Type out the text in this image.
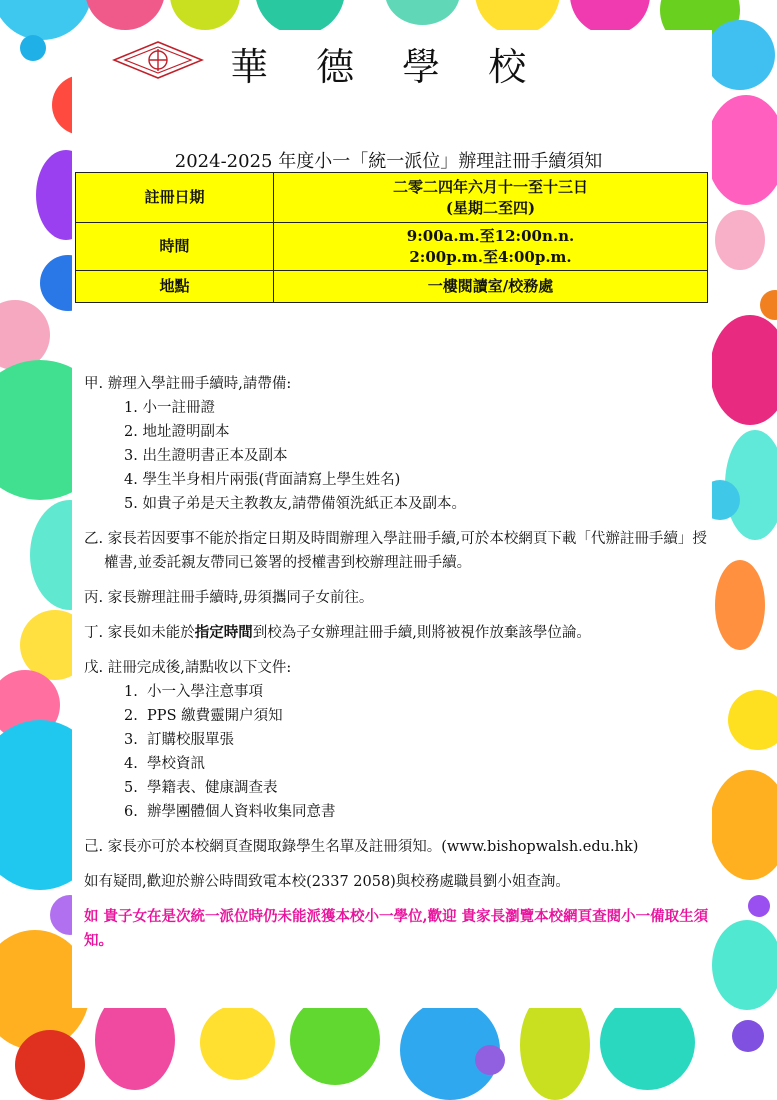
華 德 學 校
2024-2025 年度小一「統一派位」辦理註冊手續須知
註冊日期	二零二四年六月十一至十三日
(星期二至四)

時間	9:00a.m.至12:00n.n.
2:00p.m.至4:00p.m.

地點	一樓閱讀室/校務處

甲. 辦理入學註冊手續時,請帶備:

1. 小一註冊證
2. 地址證明副本
3. 出生證明書正本及副本
4. 學生半身相片兩張(背面請寫上學生姓名)
5. 如貴子弟是天主教教友,請帶備領洗紙正本及副本。

乙. 家長若因要事不能於指定日期及時間辦理入學註冊手續,可於本校網頁下載「代辦註冊手續」授權書,並委託親友帶同已簽署的授權書到校辦理註冊手續。

丙. 家長辦理註冊手續時,毋須攜同子女前往。

丁. 家長如未能於指定時間到校為子女辦理註冊手續,則將被視作放棄該學位論。

戊. 註冊完成後,請點收以下文件:

1.  小一入學注意事項
2.  PPS 繳費靈開户須知
3.  訂購校服單張
4.  學校資訊
5.  學籍表、健康調查表
6.  辦學團體個人資料收集同意書

己. 家長亦可於本校網頁查閱取錄學生名單及註冊須知。(www.bishopwalsh.edu.hk)

如有疑問,歡迎於辦公時間致電本校(2337 2058)與校務處職員劉小姐查詢。

如 貴子女在是次統一派位時仍未能派獲本校小一學位,歡迎 貴家長瀏覽本校網頁查閱小一備取生須知。
